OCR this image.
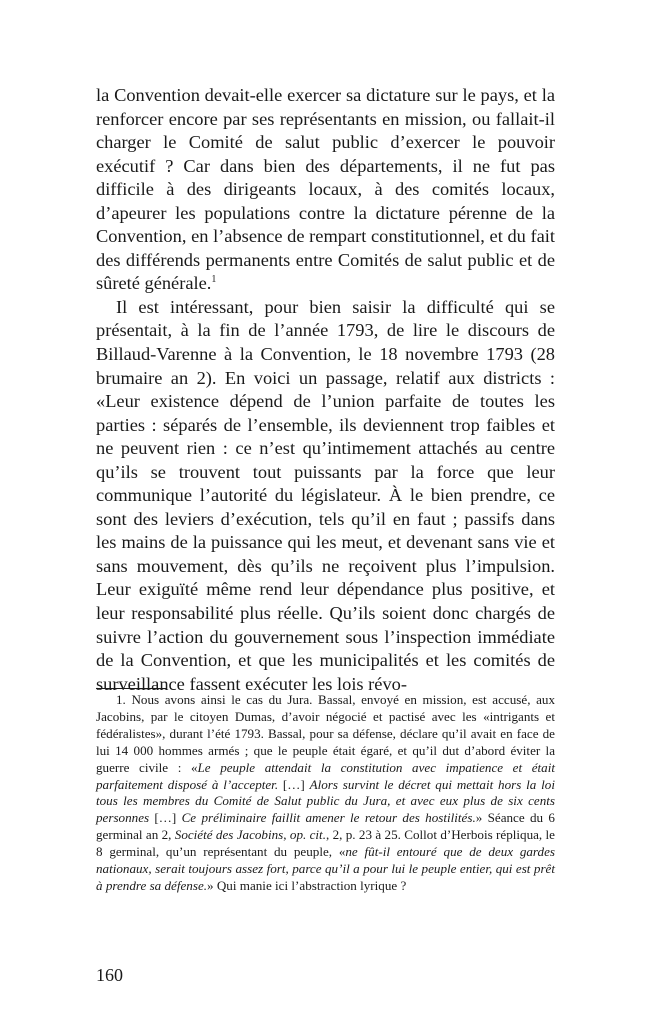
la Convention devait-elle exercer sa dictature sur le pays, et la renforcer encore par ses représentants en mission, ou fallait-il charger le Comité de salut public d’exercer le pouvoir exécutif ? Car dans bien des départements, il ne fut pas difficile à des dirigeants locaux, à des comités locaux, d’apeurer les populations contre la dictature pérenne de la Convention, en l’absence de rempart constitutionnel, et du fait des différends permanents entre Comités de salut public et de sûreté générale.$^1$

Il est intéressant, pour bien saisir la difficulté qui se présentait, à la fin de l’année 1793, de lire le discours de Billaud-Varenne à la Convention, le 18 novembre 1793 (28 brumaire an 2). En voici un passage, relatif aux districts : «Leur existence dépend de l’union parfaite de toutes les parties : séparés de l’ensemble, ils deviennent trop faibles et ne peuvent rien : ce n’est qu’intimement attachés au centre qu’ils se trouvent tout puissants par la force que leur communique l’autorité du législateur. À le bien prendre, ce sont des leviers d’exécution, tels qu’il en faut ; passifs dans les mains de la puissance qui les meut, et devenant sans vie et sans mouvement, dès qu’ils ne reçoivent plus l’impulsion. Leur exiguïté même rend leur dépendance plus positive, et leur responsabilité plus réelle. Qu’ils soient donc chargés de suivre l’action du gouvernement sous l’inspection immédiate de la Convention, et que les municipalités et les comités de surveillance fassent exécuter les lois révo-

1. Nous avons ainsi le cas du Jura. Bassal, envoyé en mission, est accusé, aux Jacobins, par le citoyen Dumas, d’avoir négocié et pactisé avec les «intrigants et fédéralistes», durant l’été 1793. Bassal, pour sa défense, déclare qu’il avait en face de lui 14 000 hommes armés ; que le peuple était égaré, et qu’il dut d’abord éviter la guerre civile : «Le peuple attendait la constitution avec impatience et était parfaitement disposé à l’accepter. […] Alors survint le décret qui mettait hors la loi tous les membres du Comité de Salut public du Jura, et avec eux plus de six cents personnes […] Ce préliminaire faillit amener le retour des hostilités.» Séance du 6 germinal an 2, Société des Jacobins, op. cit., 2, p. 23 à 25. Collot d’Herbois répliqua, le 8 germinal, qu’un représentant du peuple, «ne fût-il entouré que de deux gardes nationaux, serait toujours assez fort, parce qu’il a pour lui le peuple entier, qui est prêt à prendre sa défense.» Qui manie ici l’abstraction lyrique ?

160
